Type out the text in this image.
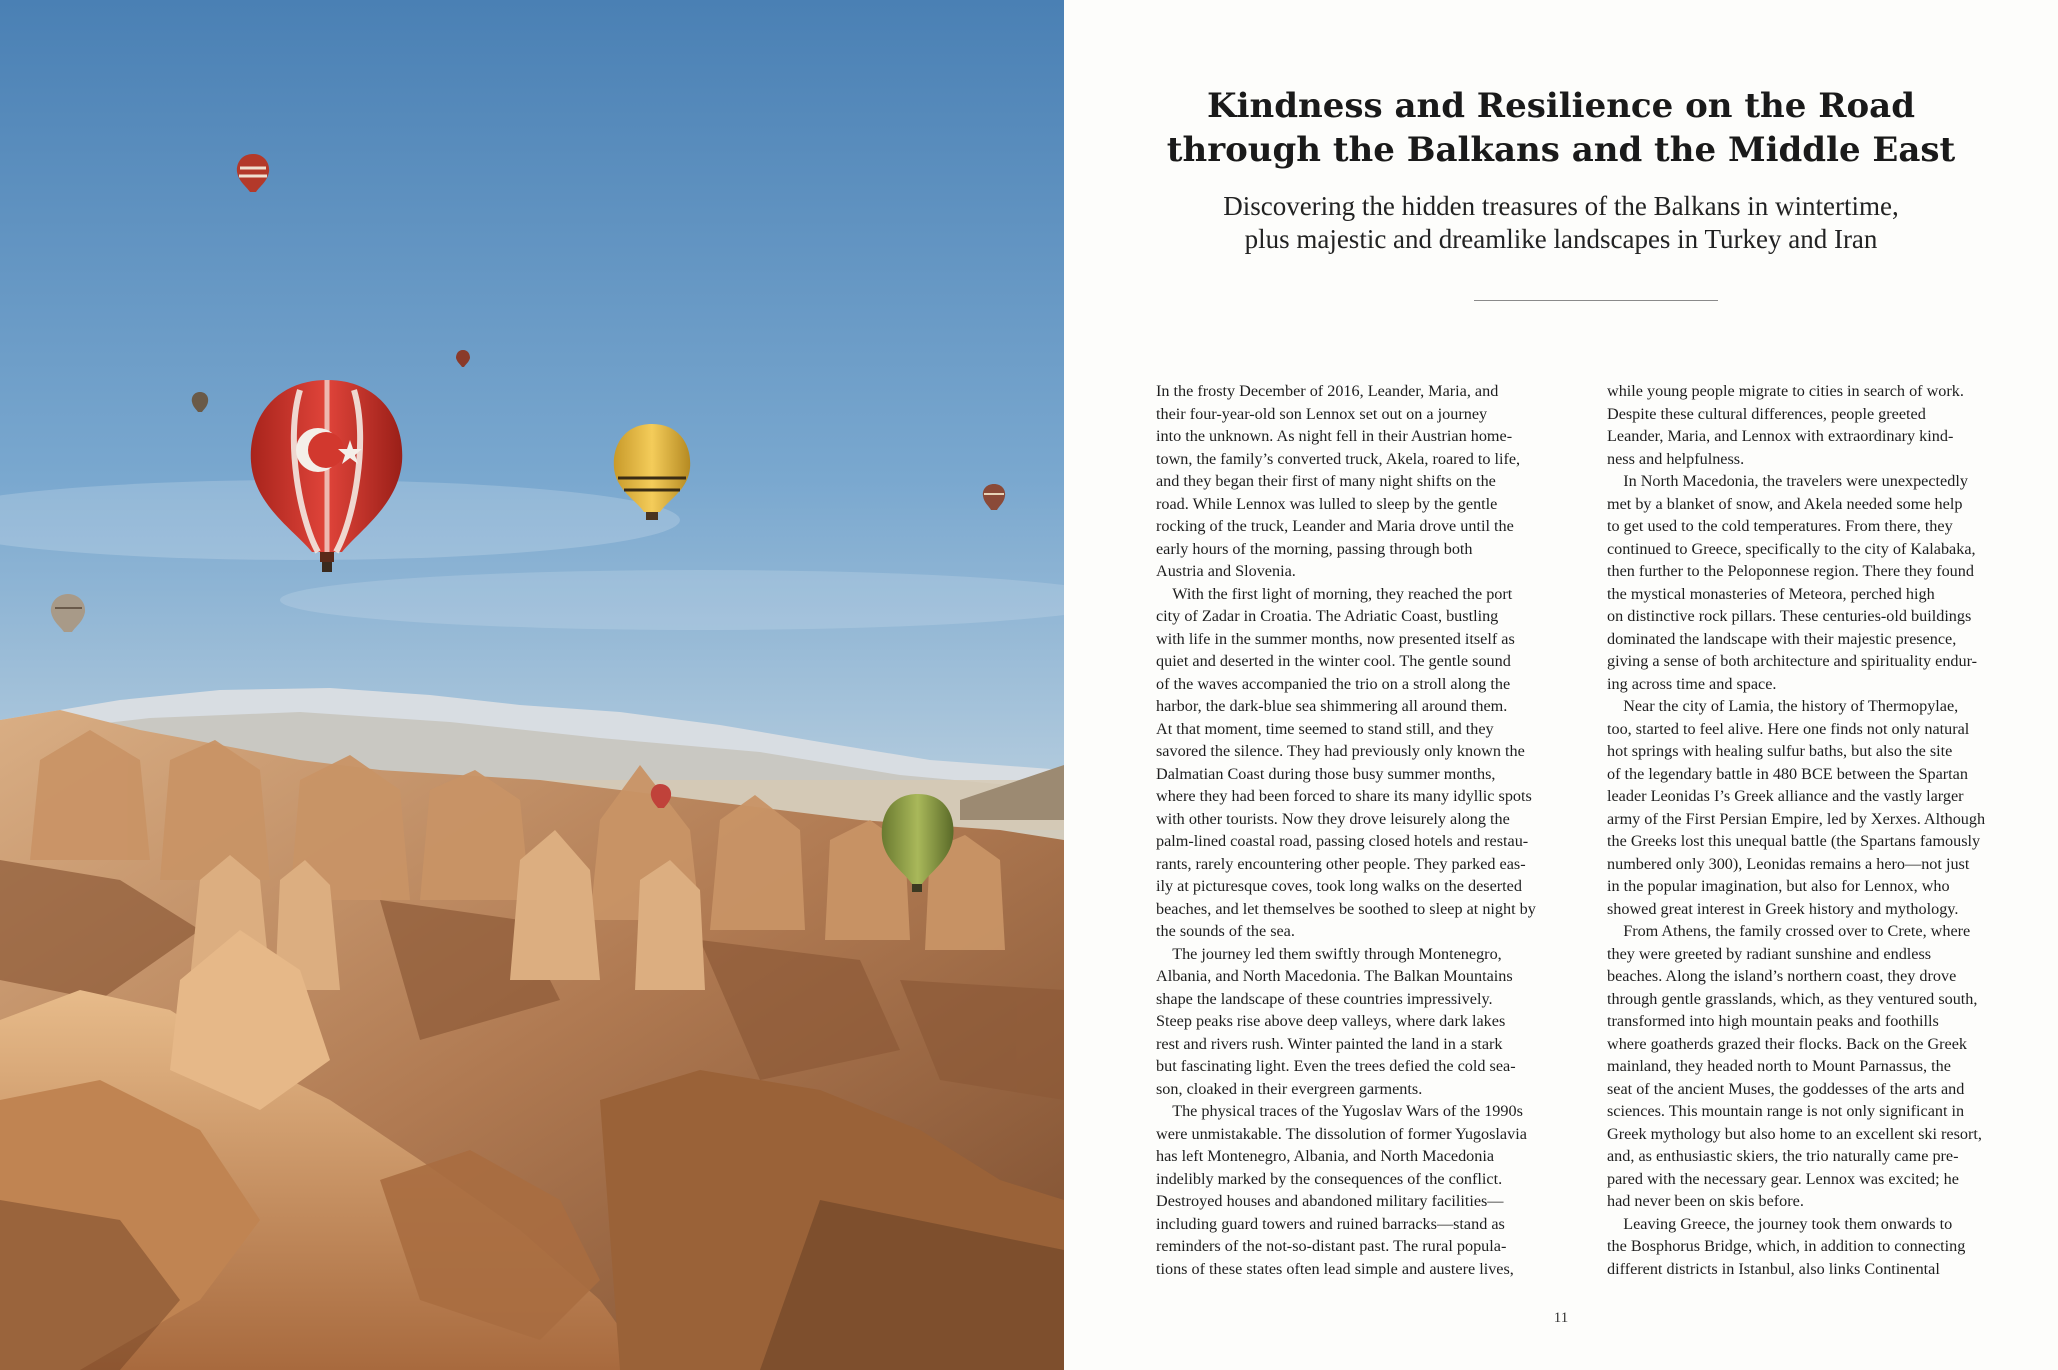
Kindness and Resilience on the Road
through the Balkans and the Middle East
Discovering the hidden treasures of the Balkans in wintertime,
plus majestic and dreamlike landscapes in Turkey and Iran
In the frosty December of 2016, Leander, Maria, and
their four-year-old son Lennox set out on a journey
into the unknown. As night fell in their Austrian home-
town, the family’s converted truck, Akela, roared to life,
and they began their first of many night shifts on the
road. While Lennox was lulled to sleep by the gentle
rocking of the truck, Leander and Maria drove until the
early hours of the morning, passing through both
Austria and Slovenia.
 With the first light of morning, they reached the port
city of Zadar in Croatia. The Adriatic Coast, bustling
with life in the summer months, now presented itself as
quiet and deserted in the winter cool. The gentle sound
of the waves accompanied the trio on a stroll along the
harbor, the dark-blue sea shimmering all around them.
At that moment, time seemed to stand still, and they
savored the silence. They had previously only known the
Dalmatian Coast during those busy summer months,
where they had been forced to share its many idyllic spots
with other tourists. Now they drove leisurely along the
palm-lined coastal road, passing closed hotels and restau-
rants, rarely encountering other people. They parked eas-
ily at picturesque coves, took long walks on the deserted
beaches, and let themselves be soothed to sleep at night by
the sounds of the sea.
 The journey led them swiftly through Montenegro,
Albania, and North Macedonia. The Balkan Mountains
shape the landscape of these countries impressively.
Steep peaks rise above deep valleys, where dark lakes
rest and rivers rush. Winter painted the land in a stark
but fascinating light. Even the trees defied the cold sea-
son, cloaked in their evergreen garments.
 The physical traces of the Yugoslav Wars of the 1990s
were unmistakable. The dissolution of former Yugoslavia
has left Montenegro, Albania, and North Macedonia
indelibly marked by the consequences of the conflict.
Destroyed houses and abandoned military facilities—
including guard towers and ruined barracks—stand as
reminders of the not-so-distant past. The rural popula-
tions of these states often lead simple and austere lives,
while young people migrate to cities in search of work.
Despite these cultural differences, people greeted
Leander, Maria, and Lennox with extraordinary kind-
ness and helpfulness.
 In North Macedonia, the travelers were unexpectedly
met by a blanket of snow, and Akela needed some help
to get used to the cold temperatures. From there, they
continued to Greece, specifically to the city of Kalabaka,
then further to the Peloponnese region. There they found
the mystical monasteries of Meteora, perched high
on distinctive rock pillars. These centuries-old buildings
dominated the landscape with their majestic presence,
giving a sense of both architecture and spirituality endur-
ing across time and space.
 Near the city of Lamia, the history of Thermopylae,
too, started to feel alive. Here one finds not only natural
hot springs with healing sulfur baths, but also the site
of the legendary battle in 480 BCE between the Spartan
leader Leonidas I’s Greek alliance and the vastly larger
army of the First Persian Empire, led by Xerxes. Although
the Greeks lost this unequal battle (the Spartans famously
numbered only 300), Leonidas remains a hero—not just
in the popular imagination, but also for Lennox, who
showed great interest in Greek history and mythology.
 From Athens, the family crossed over to Crete, where
they were greeted by radiant sunshine and endless
beaches. Along the island’s northern coast, they drove
through gentle grasslands, which, as they ventured south,
transformed into high mountain peaks and foothills
where goatherds grazed their flocks. Back on the Greek
mainland, they headed north to Mount Parnassus, the
seat of the ancient Muses, the goddesses of the arts and
sciences. This mountain range is not only significant in
Greek mythology but also home to an excellent ski resort,
and, as enthusiastic skiers, the trio naturally came pre-
pared with the necessary gear. Lennox was excited; he
had never been on skis before.
 Leaving Greece, the journey took them onwards to
the Bosphorus Bridge, which, in addition to connecting
different districts in Istanbul, also links Continental
11
